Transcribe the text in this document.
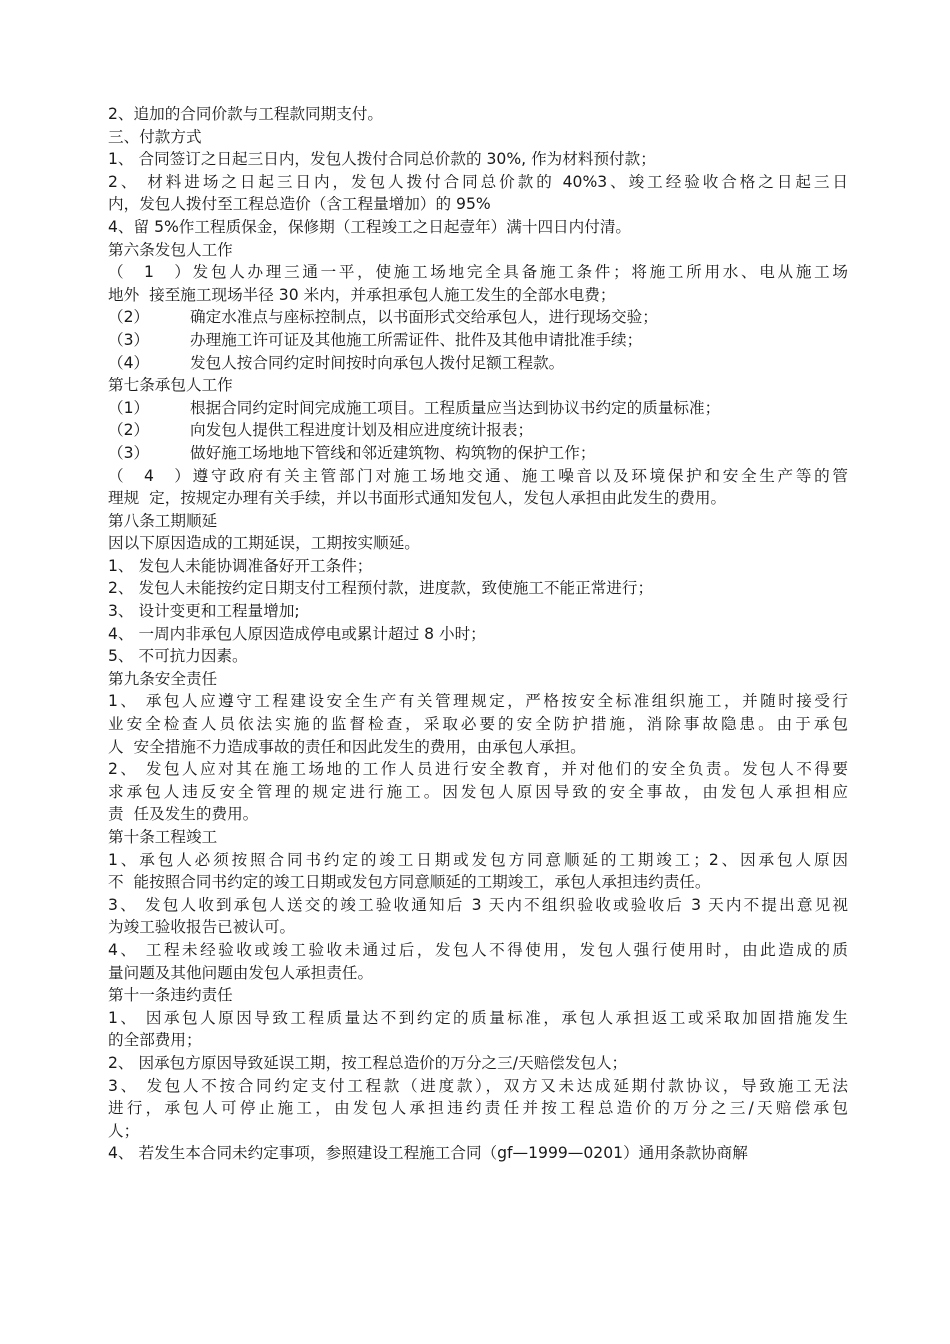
2、追加的合同价款与工程款同期支付。
三、付款方式
1、 合同签订之日起三日内，发包人拨付合同总价款的 30%, 作为材料预付款；
2、 材料进场之日起三日内，发包人拨付合同总价款的 40%3、竣工经验收合格之日起三日
内，发包人拨付至工程总造价（含工程量增加）的 95%
4、留 5%作工程质保金，保修期（工程竣工之日起壹年）满十四日内付清。
第六条发包人工作
（1）发包人办理三通一平，使施工场地完全具备施工条件；将施工所用水、电从施工场
地外  接至施工现场半径 30 米内，并承担承包人施工发生的全部水电费；
（2）	确定水准点与座标控制点，以书面形式交给承包人，进行现场交验；
（3）	办理施工许可证及其他施工所需证件、批件及其他申请批准手续；
（4）	发包人按合同约定时间按时向承包人拨付足额工程款。
第七条承包人工作
（1）	根据合同约定时间完成施工项目。工程质量应当达到协议书约定的质量标准；
（2）	向发包人提供工程进度计划及相应进度统计报表；
（3）	做好施工场地地下管线和邻近建筑物、构筑物的保护工作；
（4）遵守政府有关主管部门对施工场地交通、施工噪音以及环境保护和安全生产等的管
理规  定，按规定办理有关手续，并以书面形式通知发包人，发包人承担由此发生的费用。
第八条工期顺延
因以下原因造成的工期延误，工期按实顺延。
1、 发包人未能协调准备好开工条件；
2、 发包人未能按约定日期支付工程预付款，进度款，致使施工不能正常进行；
3、 设计变更和工程量增加;
4、 一周内非承包人原因造成停电或累计超过 8 小时；
5、 不可抗力因素。
第九条安全责任
1、 承包人应遵守工程建设安全生产有关管理规定，严格按安全标准组织施工，并随时接受行
业安全检查人员依法实施的监督检查，采取必要的安全防护措施，消除事故隐患。由于承包
人  安全措施不力造成事故的责任和因此发生的费用，由承包人承担。
2、 发包人应对其在施工场地的工作人员进行安全教育，并对他们的安全负责。发包人不得要
求承包人违反安全管理的规定进行施工。因发包人原因导致的安全事故，由发包人承担相应
责  任及发生的费用。
第十条工程竣工
1、承包人必须按照合同书约定的竣工日期或发包方同意顺延的工期竣工；2、因承包人原因
不  能按照合同书约定的竣工日期或发包方同意顺延的工期竣工，承包人承担违约责任。
3、 发包人收到承包人送交的竣工验收通知后 3 天内不组织验收或验收后 3 天内不提出意见视
为竣工验收报告已被认可。
4、 工程未经验收或竣工验收未通过后，发包人不得使用，发包人强行使用时，由此造成的质
量问题及其他问题由发包人承担责任。
第十一条违约责任
1、 因承包人原因导致工程质量达不到约定的质量标准，承包人承担返工或采取加固措施发生
的全部费用；
2、 因承包方原因导致延误工期，按工程总造价的万分之三/天赔偿发包人；
3、 发包人不按合同约定支付工程款（进度款），双方又未达成延期付款协议，导致施工无法
进行，承包人可停止施工，由发包人承担违约责任并按工程总造价的万分之三/天赔偿承包
人；
4、 若发生本合同未约定事项，参照建设工程施工合同（gf—1999—0201）通用条款协商解
